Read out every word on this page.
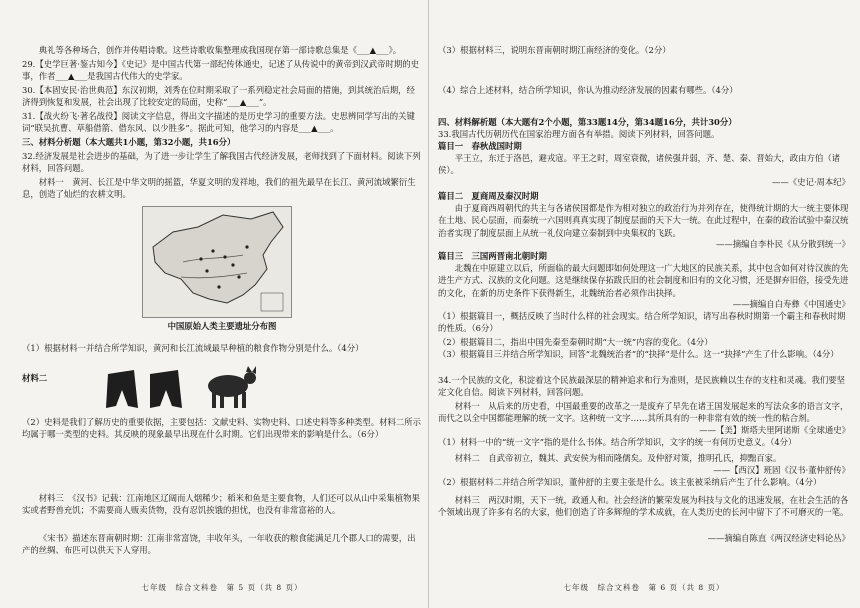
典礼等各种场合，创作并传唱诗歌。这些诗歌收集整理成我国现存第一部诗歌总集是《___▲___》。

29.【史学巨著·鉴古知今】《史记》是中国古代第一部纪传体通史，记述了从传说中的黄帝到汉武帝时期的史事，作者___▲___是我国古代伟大的史学家。

30.【本固安民·治世典范】东汉初期，刘秀在位时期采取了一系列稳定社会局面的措施，到其统治后期，经济得到恢复和发展，社会出现了比较安定的局面，史称“___▲___”。

31.【战火纷飞·著名战役】阅读文字信息，得出文字描述的是历史学习的重要方法。史思辨同学写出的关键词“联吴抗曹、草船借箭、借东风、以少胜多”。据此可知，他学习的内容是___▲___。

三、材料分析题（本大题共1小题，第32小题，共16分）

32.经济发展是社会进步的基础，为了进一步让学生了解我国古代经济发展，老师找到了下面材料。阅读下列材料，回答问题。

材料一　黄河、长江是中华文明的摇篮，华夏文明的发祥地，我们的祖先最早在长江、黄河流域繁衍生息，创造了灿烂的农耕文明。

中国原始人类主要遗址分布图

（1）根据材料一并结合所学知识，黄河和长江流域最早种植的粮食作物分别是什么。（4分）

材料二

（2）史料是我们了解历史的重要依据，主要包括：文献史料、实物史料、口述史料等多种类型。材料二所示均属于哪一类型的史料。其反映的现象最早出现在什么时期。它们出现带来的影响是什么。（6分）

材料三　《汉书》记载：江南地区辽阔而人烟稀少；稻米和鱼是主要食物，人们还可以从山中采集植物果实或者野兽充饥；不需要商人贩卖货物，没有忍饥挨饿的担忧，也没有非常富裕的人。

《宋书》描述东晋南朝时期：江南非常富饶，丰收年头，一年收获的粮食能满足几个郡人口的需要，出产的丝绸、布匹可以供天下人穿用。

七年级　综合文科卷　第 5 页（共 8 页）

（3）根据材料三，说明东晋南朝时期江南经济的变化。（2分）

（4）综合上述材料，结合所学知识，你认为推动经济发展的因素有哪些。（4分）

四、材料解析题（本大题有2个小题，第33题14分，第34题16分，共计30分）

33.我国古代历朝历代在国家治理方面各有举措。阅读下列材料，回答问题。

篇目一　春秋战国时期

平王立，东迁于洛邑，避戎寇。平王之时，周室衰微，诸侯强并弱，齐、楚、秦、晋始大，政由方伯（诸侯）。

——《史记·周本纪》

篇目二　夏商周及秦汉时期

由于夏商西周朝代的共主与各诸侯国都是作为相对独立的政治行为并列存在，使得统计期的大一统主要体现在土地、民心层面，而秦统一六国则真真实现了制度层面的天下大一统。在此过程中，在秦的政治试验中秦汉统治者实现了制度层面上从统一礼仪向建立秦制到中央集权的飞跃。

——摘编自李朴民《从分散到统一》

篇目三　三国两晋南北朝时期

北魏在中原建立以后，所面临的最大问题即如何处理这一广大地区的民族关系，其中包含如何对待汉族的先进生产方式、汉族的文化问题。这是继续保存拓跋氏旧的社会制度和旧有的文化习惯，还是摒弃旧俗，接受先进的文化，在新的历史条件下获得新生，北魏统治者必须作出抉择。

——摘编自白寿彝《中国通史》

（1）根据篇目一，概括反映了当时什么样的社会现实。结合所学知识，请写出春秋时期第一个霸主和春秋时期的性质。（6分）

（2）根据篇目二，指出中国先秦至秦朝时期“大一统”内容的变化。（4分）

（3）根据篇目三并结合所学知识，回答“北魏统治者”的“抉择”是什么。这一“抉择”产生了什么影响。（4分）

34.一个民族的文化，积淀着这个民族最深层的精神追求和行为准则，是民族赖以生存的支柱和灵魂。我们要坚定文化自信。阅读下列材料，回答问题。

材料一　从后来的历史看，中国最重要的改革之一是废弃了早先在诸王国发展起来的写法众多的语言文字，而代之以全中国都能理解的统一文字。这种统一文字……其所具有的一种非常有效的统一性的粘合剂。

——【美】斯塔夫里阿诺斯《全球通史》

（1）材料一中的“统一文字”指的是什么书体。结合所学知识，文字的统一有何历史意义。（4分）

材料二　自武帝初立，魏其、武安侯为相而隆儒矣。及仲舒对策，推明孔氏，抑黜百家。

——【西汉】班固《汉书·董仲舒传》

（2）根据材料二并结合所学知识，董仲舒的主要主张是什么。该主张被采纳后产生了什么影响。（4分）

材料三　两汉时期，天下一统，政通人和。社会经济的繁荣发展为科技与文化的迅速发展，在社会生活的各个领域出现了许多有名的大家，他们创造了许多辉煌的学术成就，在人类历史的长河中留下了不可磨灭的一笔。

——摘编自陈直《两汉经济史料论丛》

七年级　综合文科卷　第 6 页（共 8 页）
